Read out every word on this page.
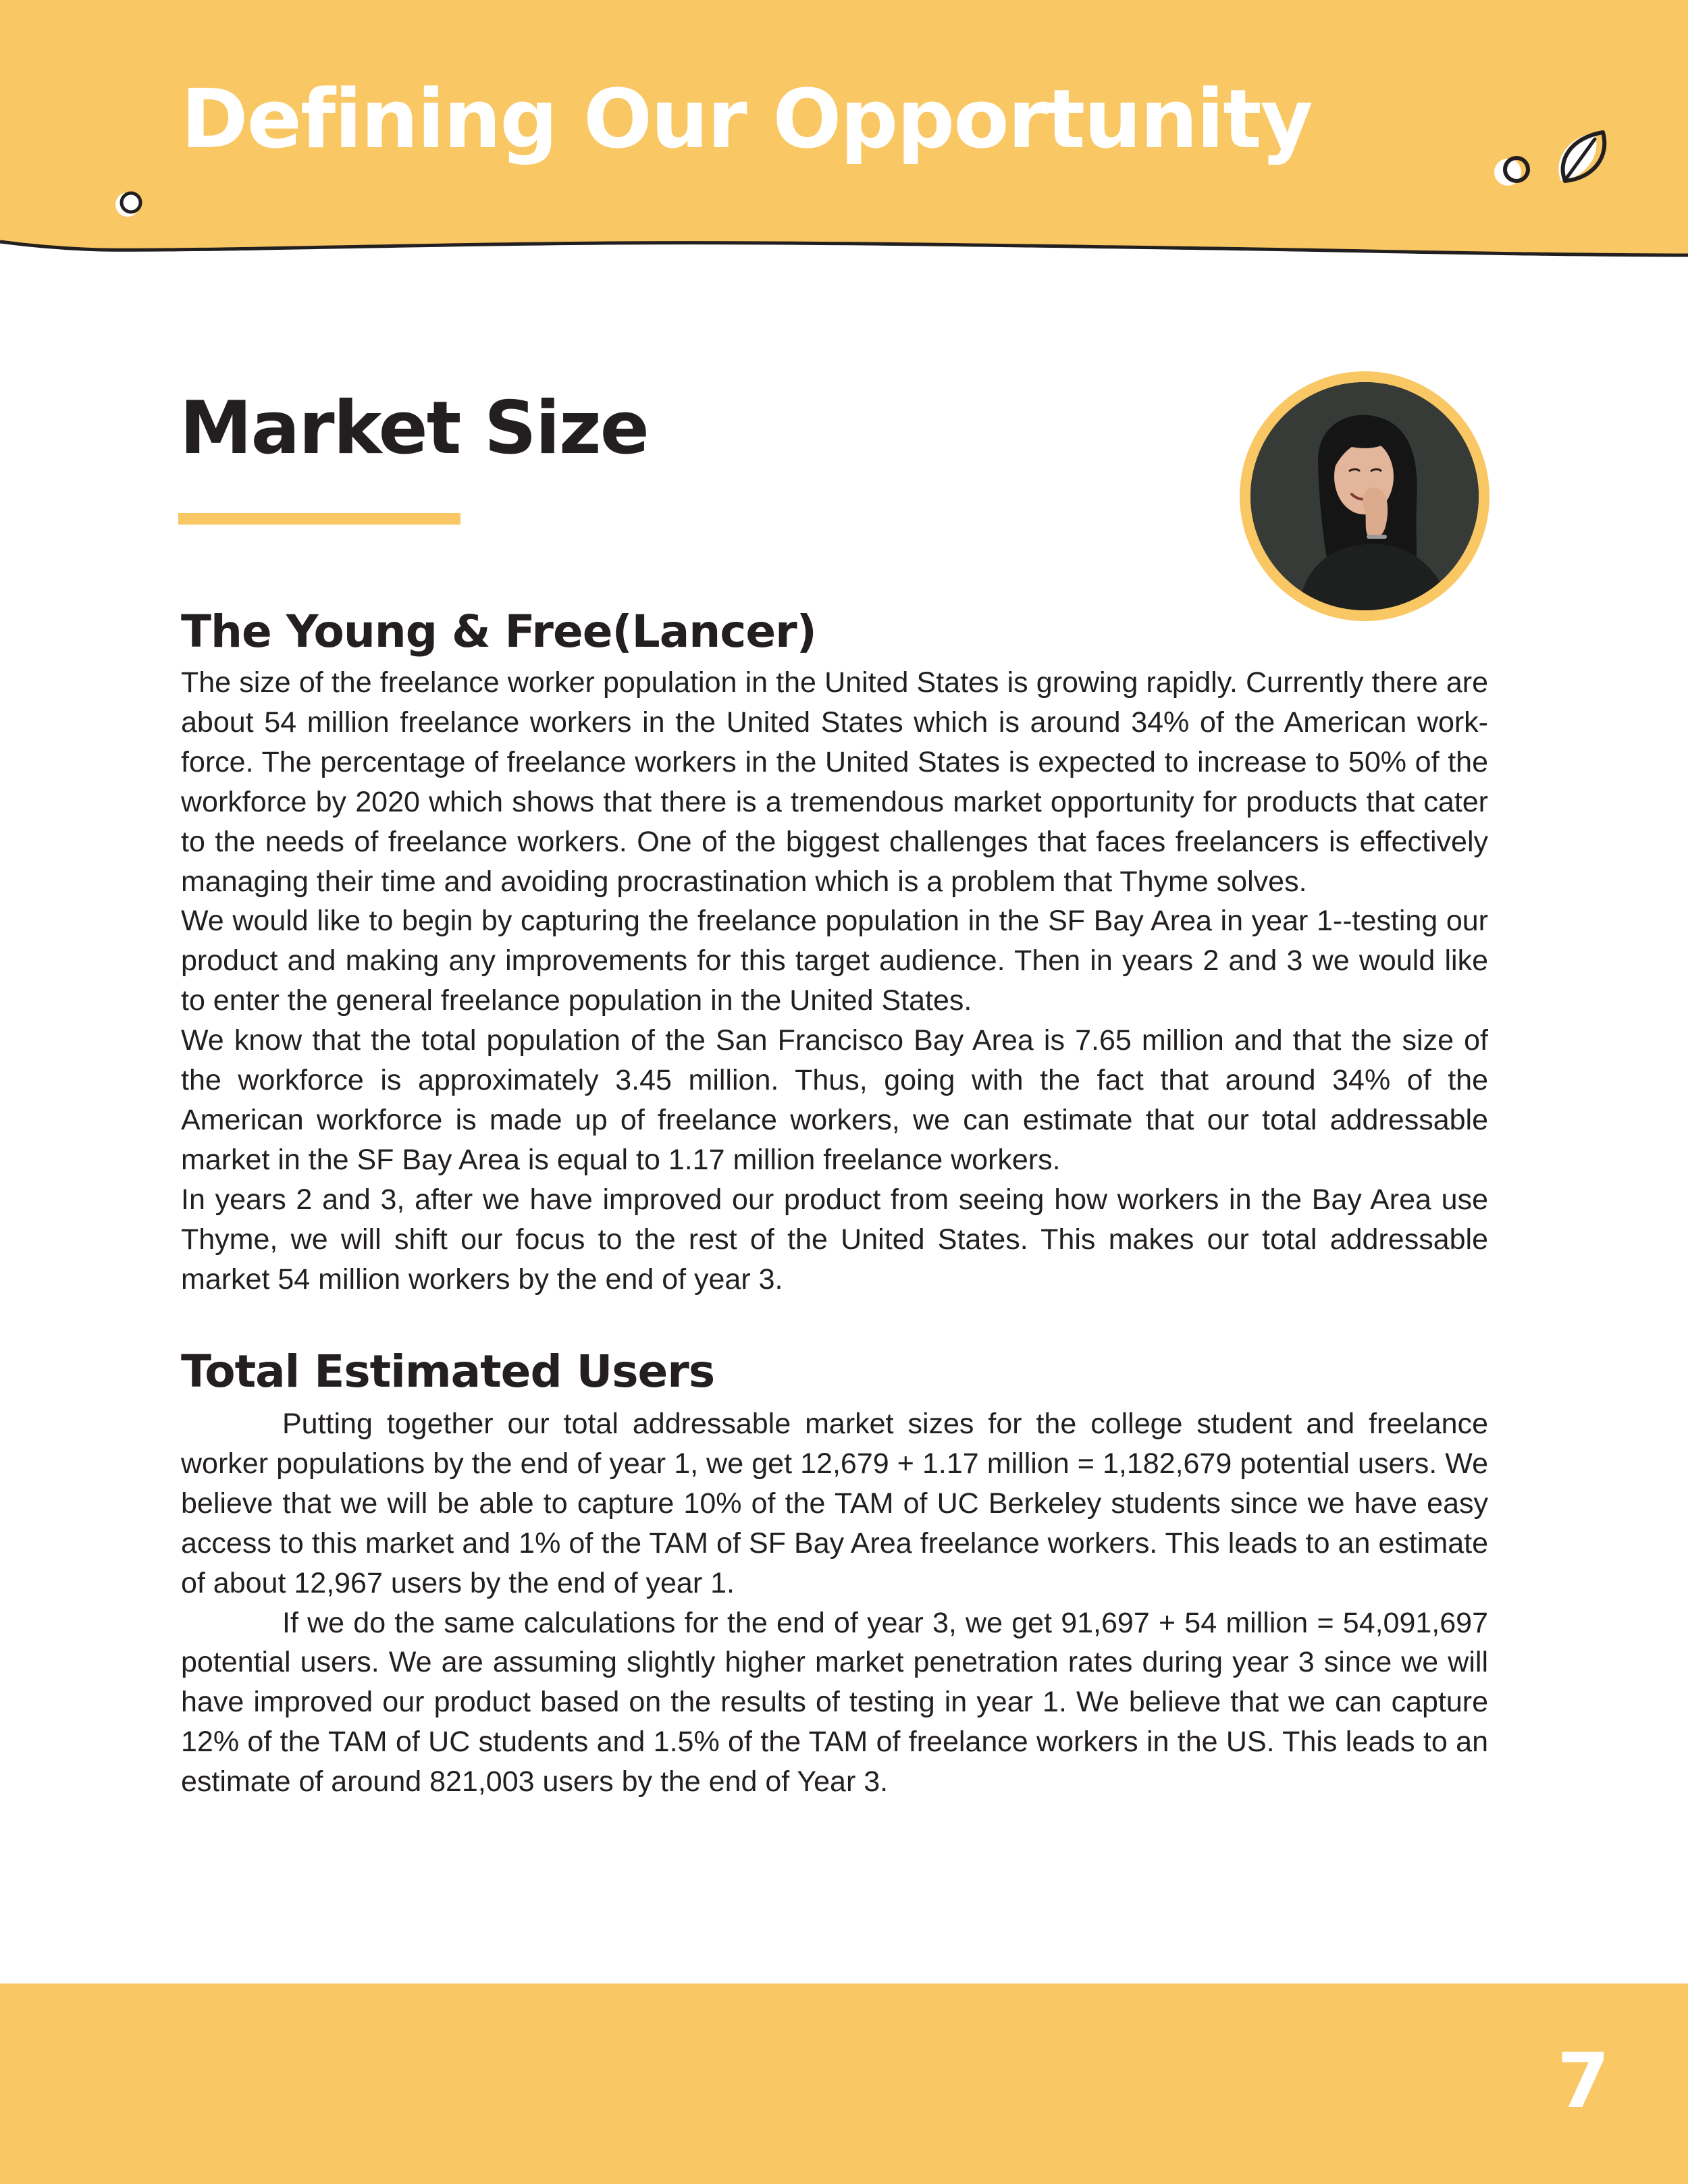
Defining Our Opportunity
Market Size
The Young & Free(Lancer)

The size of the freelance worker population in the United States is growing rapidly. Currently there are about 54 million freelance workers in the United States which is around 34% of the American work-force. The percentage of freelance workers in the United States is expected to increase to 50% of the workforce by 2020 which shows that there is a tremendous market opportunity for products that cater to the needs of freelance workers. One of the biggest challenges that faces freelancers is effectively managing their time and avoiding procrastination which is a problem that Thyme solves.

We would like to begin by capturing the freelance population in the SF Bay Area in year 1--testing our product and making any improvements for this target audience. Then in years 2 and 3 we would like to enter the general freelance population in the United States.

We know that the total population of the San Francisco Bay Area is 7.65 million and that the size of the workforce is approximately 3.45 million. Thus, going with the fact that around 34% of the American workforce is made up of freelance workers, we can estimate that our total addressable market in the SF Bay Area is equal to 1.17 million freelance workers.

In years 2 and 3, after we have improved our product from seeing how workers in the Bay Area use Thyme, we will shift our focus to the rest of the United States. This makes our total addressable market 54 million workers by the end of year 3.

Total Estimated Users

Putting together our total addressable market sizes for the college student and freelance worker populations by the end of year 1, we get 12,679 + 1.17 million = 1,182,679 potential users. We believe that we will be able to capture 10% of the TAM of UC Berkeley students since we have easy access to this market and 1% of the TAM of SF Bay Area freelance workers. This leads to an estimate of about 12,967 users by the end of year 1.

If we do the same calculations for the end of year 3, we get 91,697 + 54 million = 54,091,697 potential users. We are assuming slightly higher market penetration rates during year 3 since we will have improved our product based on the results of testing in year 1. We believe that we can capture 12% of the TAM of UC students and 1.5% of the TAM of freelance workers in the US. This leads to an estimate of around 821,003 users by the end of Year 3.

7
